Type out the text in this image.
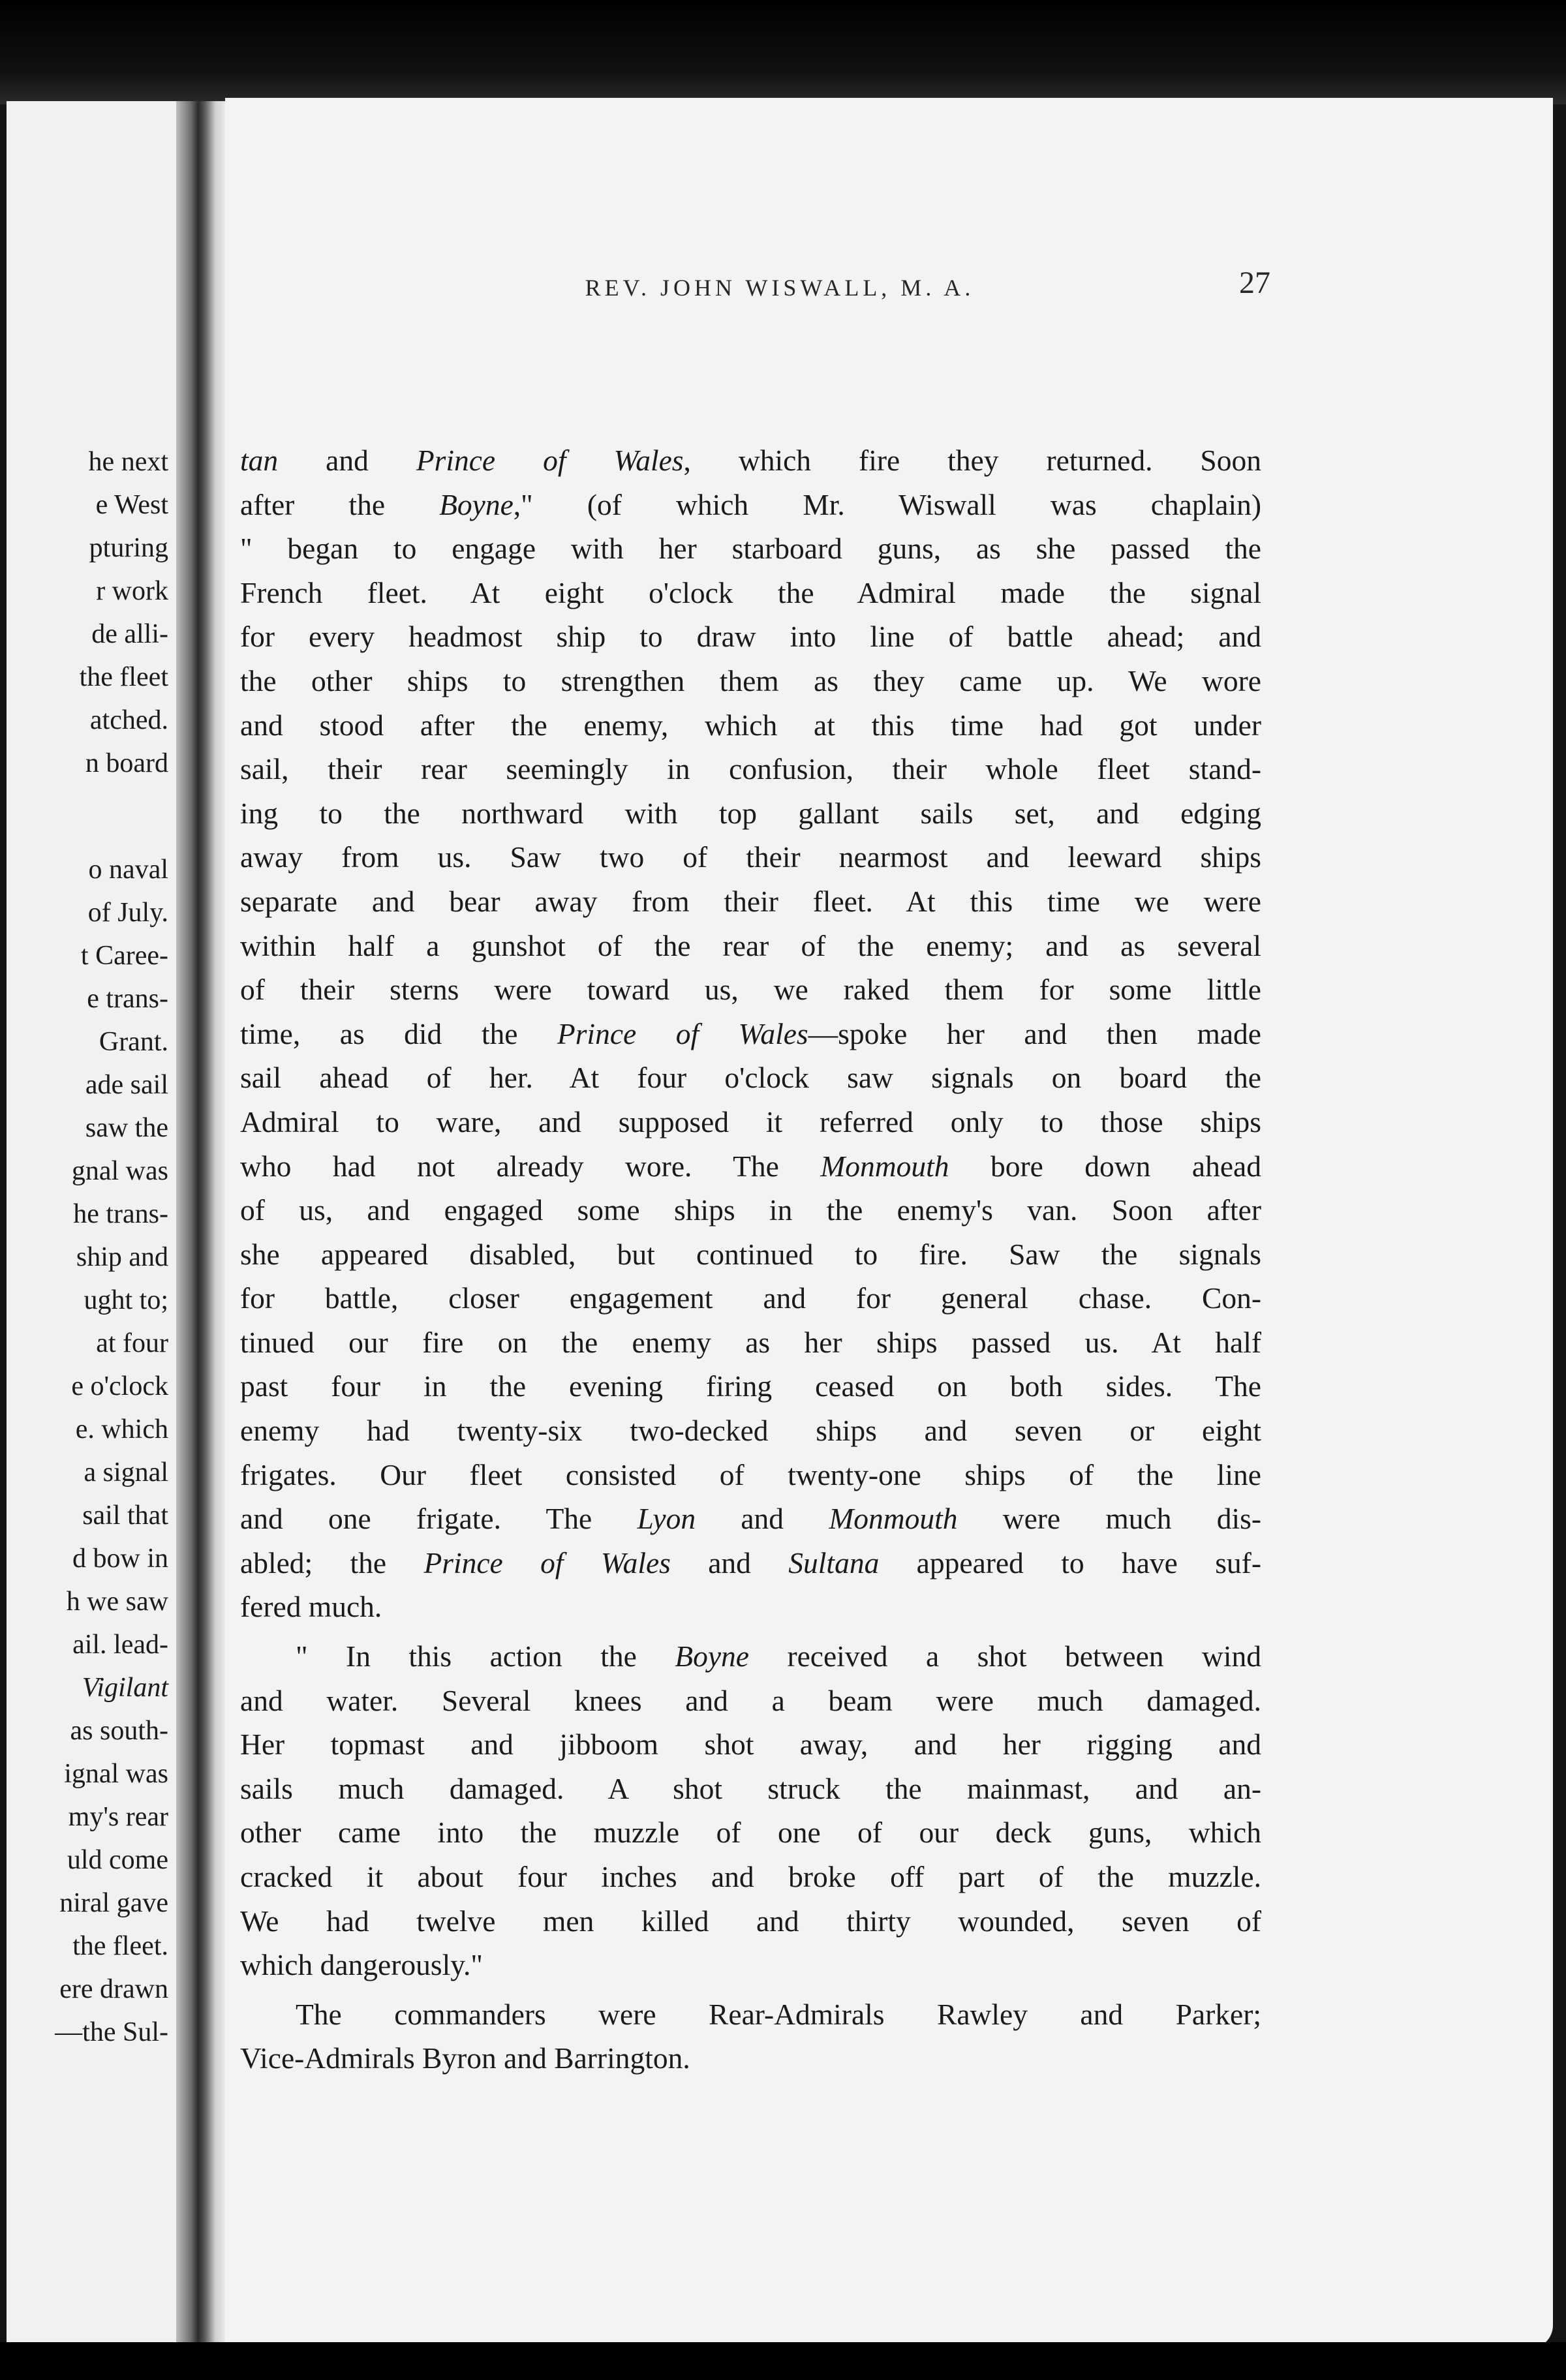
he next
e West
pturing
r work
de alli-
the fleet
atched.
n board
o naval
of July.
t Caree-
e trans-
Grant.
ade sail
saw the
gnal was
he trans-
ship and
ught to;
at four
e o'clock
e. which
a signal
sail that
d bow in
h we saw
ail. lead-
Vigilant
as south-
ignal was
my's rear
uld come
niral gave
the fleet.
ere drawn
—the Sul-
REV. JOHN WISWALL, M. A.	27

tan and Prince of Wales, which fire they returned. Soon

after the Boyne," (of which Mr. Wiswall was chaplain)

" began to engage with her starboard guns, as she passed the

French fleet. At eight o'clock the Admiral made the signal

for every headmost ship to draw into line of battle ahead; and

the other ships to strengthen them as they came up. We wore

and stood after the enemy, which at this time had got under

sail, their rear seemingly in confusion, their whole fleet stand-

ing to the northward with top gallant sails set, and edging

away from us. Saw two of their nearmost and leeward ships

separate and bear away from their fleet. At this time we were

within half a gunshot of the rear of the enemy; and as several

of their sterns were toward us, we raked them for some little

time, as did the Prince of Wales—spoke her and then made

sail ahead of her. At four o'clock saw signals on board the

Admiral to ware, and supposed it referred only to those ships

who had not already wore. The Monmouth bore down ahead

of us, and engaged some ships in the enemy's van. Soon after

she appeared disabled, but continued to fire. Saw the signals

for battle, closer engagement and for general chase. Con-

tinued our fire on the enemy as her ships passed us. At half

past four in the evening firing ceased on both sides. The

enemy had twenty-six two-decked ships and seven or eight

frigates. Our fleet consisted of twenty-one ships of the line

and one frigate. The Lyon and Monmouth were much dis-

abled; the Prince of Wales and Sultana appeared to have suf-

fered much.

" In this action the Boyne received a shot between wind

and water. Several knees and a beam were much damaged.

Her topmast and jibboom shot away, and her rigging and

sails much damaged. A shot struck the mainmast, and an-

other came into the muzzle of one of our deck guns, which

cracked it about four inches and broke off part of the muzzle.

We had twelve men killed and thirty wounded, seven of

which dangerously."

The commanders were Rear-Admirals Rawley and Parker;

Vice-Admirals Byron and Barrington.
